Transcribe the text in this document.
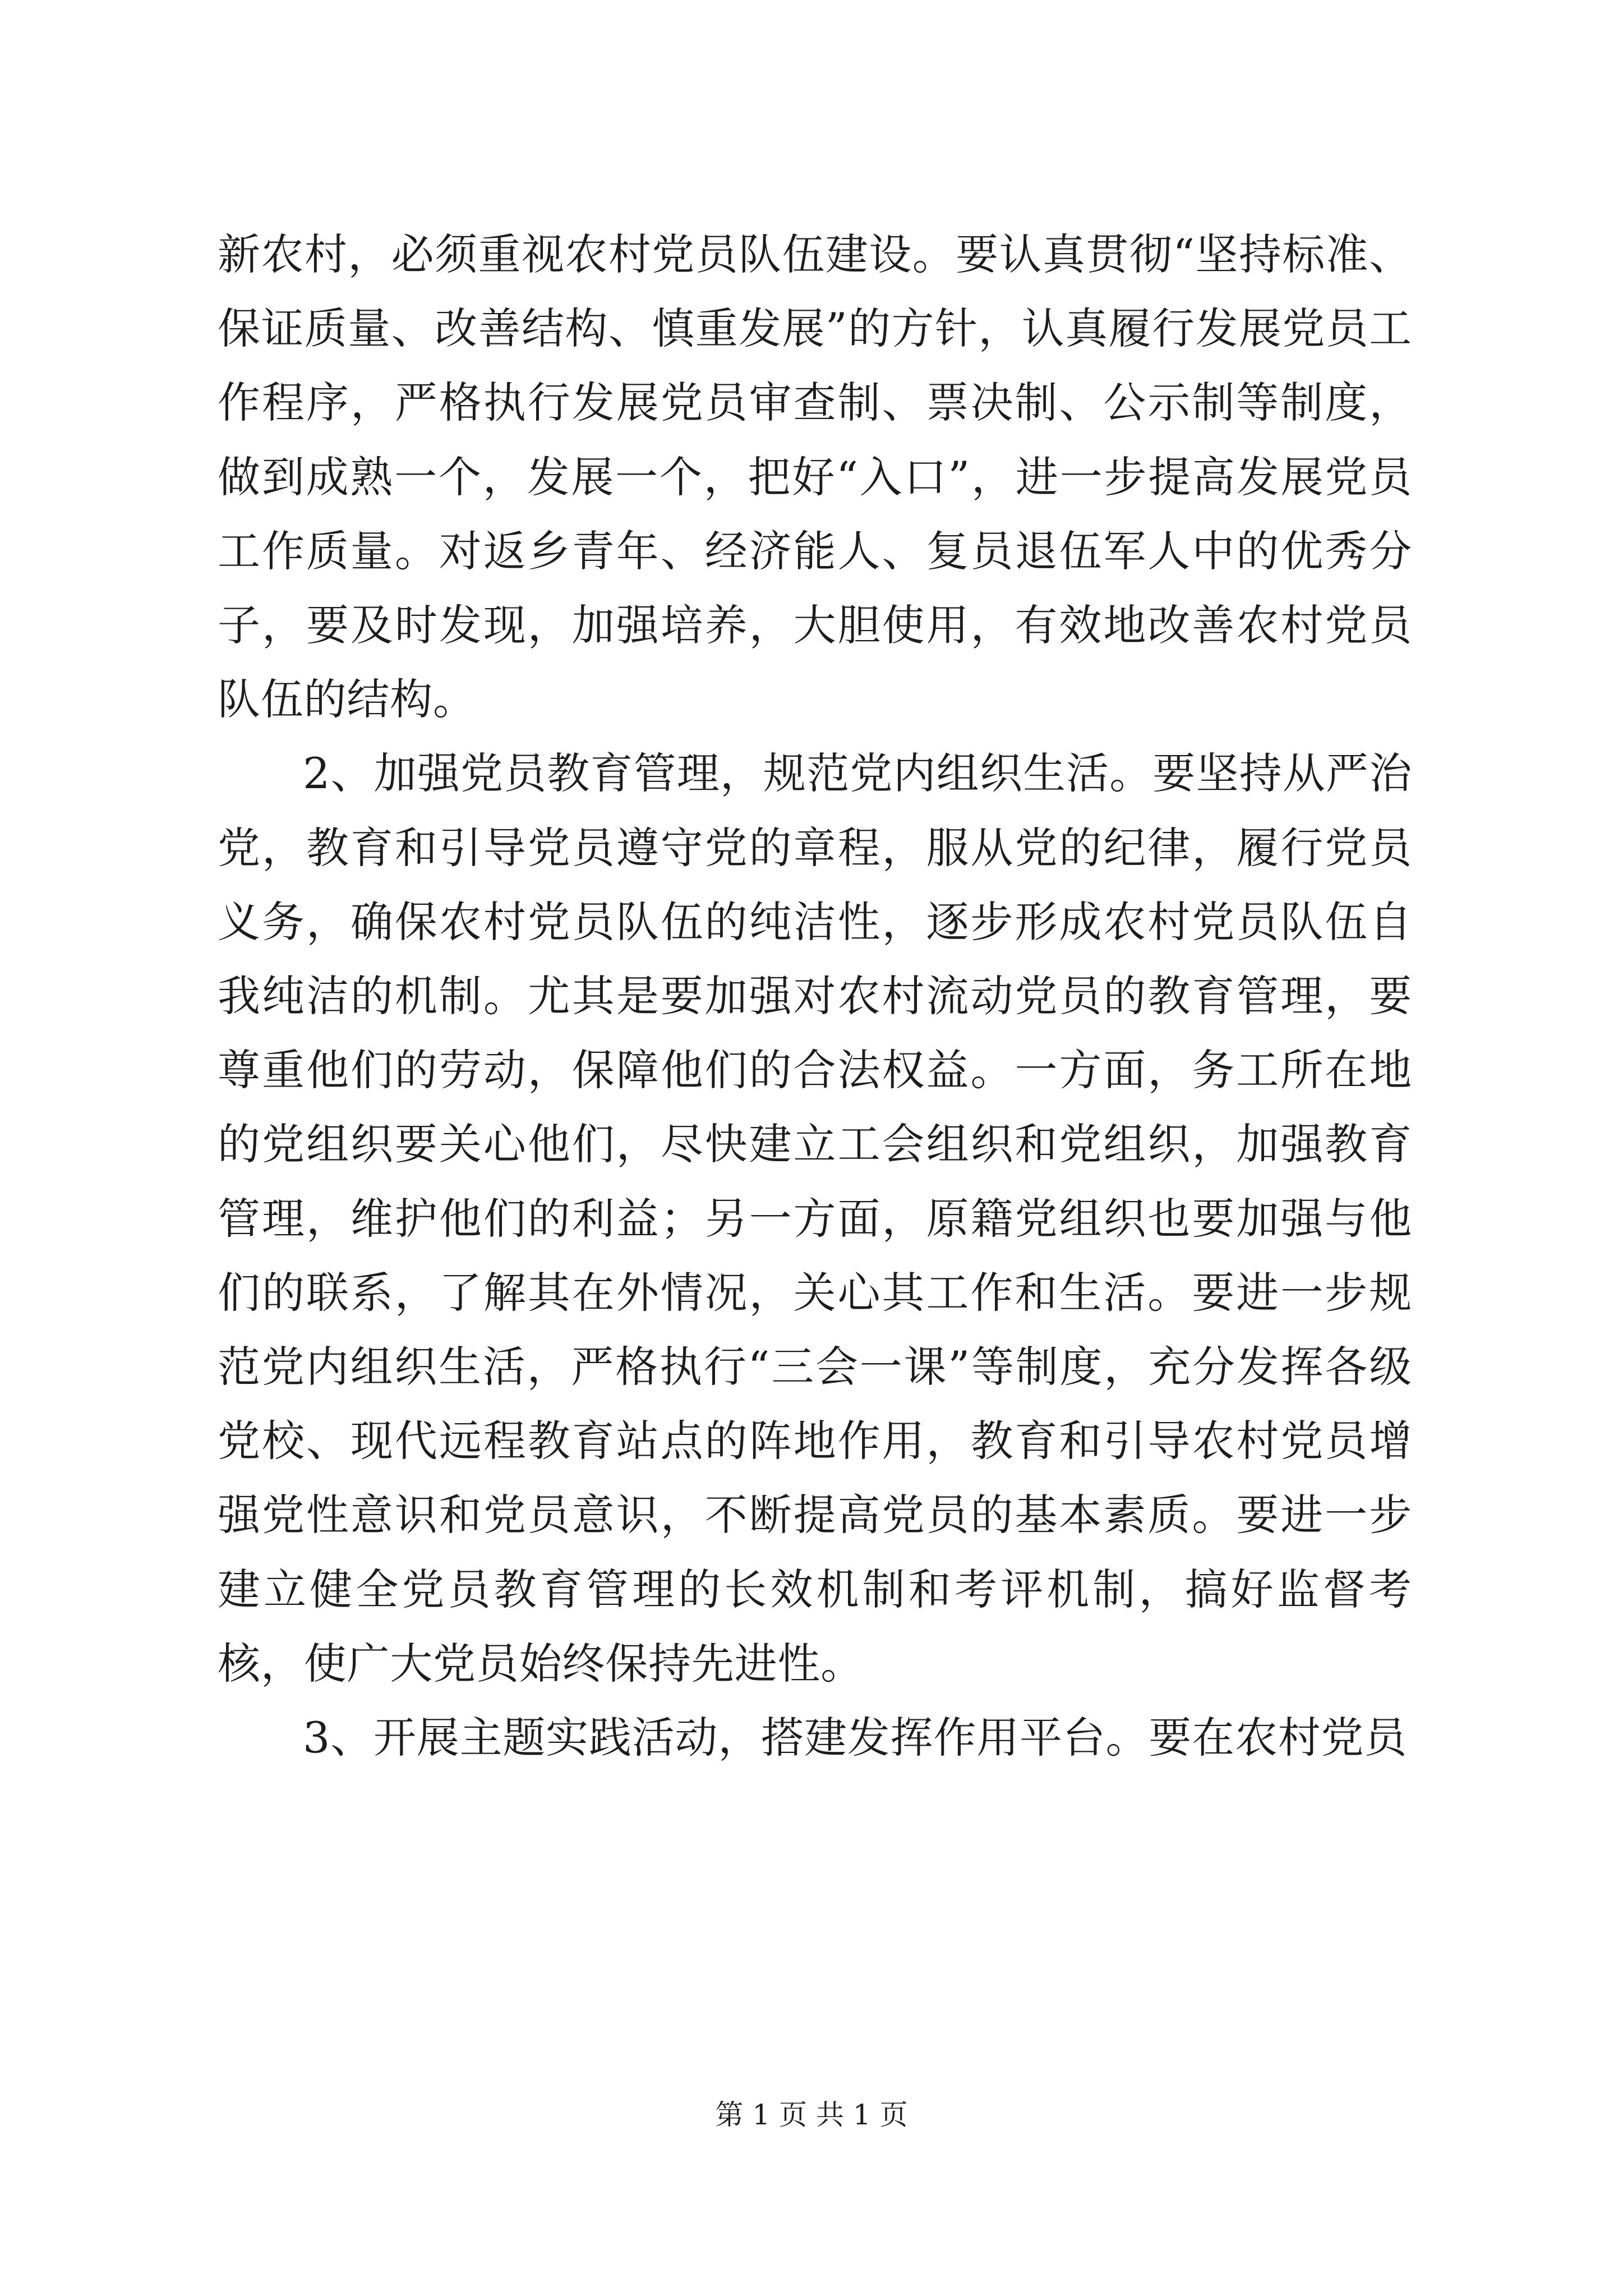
新农村，必须重视农村党员队伍建设。要认真贯彻“坚持标准、保证质量、改善结构、慎重发展”的方针，认真履行发展党员工作程序，严格执行发展党员审查制、票决制、公示制等制度，做到成熟一个，发展一个，把好“入口”，进一步提高发展党员工作质量。对返乡青年、经济能人、复员退伍军人中的优秀分子，要及时发现，加强培养，大胆使用，有效地改善农村党员队伍的结构。

2、加强党员教育管理，规范党内组织生活。要坚持从严治党，教育和引导党员遵守党的章程，服从党的纪律，履行党员义务，确保农村党员队伍的纯洁性，逐步形成农村党员队伍自我纯洁的机制。尤其是要加强对农村流动党员的教育管理，要尊重他们的劳动，保障他们的合法权益。一方面，务工所在地的党组织要关心他们，尽快建立工会组织和党组织，加强教育管理，维护他们的利益；另一方面，原籍党组织也要加强与他们的联系，了解其在外情况，关心其工作和生活。要进一步规范党内组织生活，严格执行“三会一课”等制度，充分发挥各级党校、现代远程教育站点的阵地作用，教育和引导农村党员增强党性意识和党员意识，不断提高党员的基本素质。要进一步建立健全党员教育管理的长效机制和考评机制，搞好监督考核，使广大党员始终保持先进性。

3、开展主题实践活动，搭建发挥作用平台。要在农村党员

第 1 页 共 1 页
